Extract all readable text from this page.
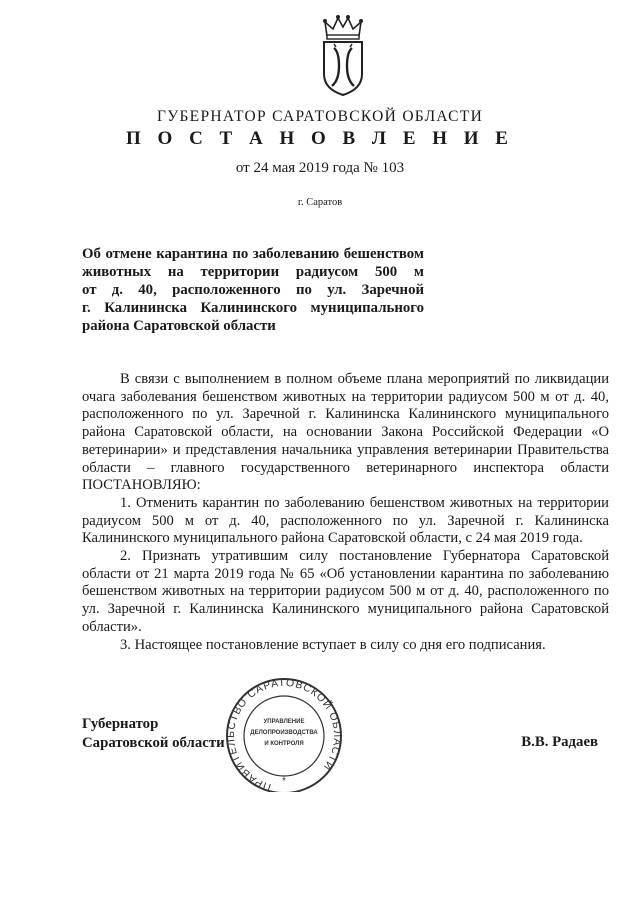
ГУБЕРНАТОР САРАТОВСКОЙ ОБЛАСТИ
П О С Т А Н О В Л Е Н И Е
от 24 мая 2019 года № 103
г. Саратов
Об отмене карантина по заболеванию бешенством
животных на территории радиусом 500 м
от д. 40, расположенного по ул. Заречной
г. Калининска Калининского муниципального
района Саратовской области

В связи с выполнением в полном объеме плана мероприятий по ликвидации очага заболевания бешенством животных на территории радиусом 500 м от д. 40, расположенного по ул. Заречной г. Калининска Калининского муниципального района Саратовской области, на основании Закона Российской Федерации «О ветеринарии» и представления начальника управления ветеринарии Правительства области – главного государственного ветеринарного инспектора области ПОСТАНОВЛЯЮ:

1. Отменить карантин по заболеванию бешенством животных на территории радиусом 500 м от д. 40, расположенного по ул. Заречной г. Калининска Калининского муниципального района Саратовской области, с 24 мая 2019 года.

2. Признать утратившим силу постановление Губернатора Саратовской области от 21 марта 2019 года № 65 «Об установлении карантина по заболеванию бешенством животных на территории радиусом 500 м от д. 40, расположенного по ул. Заречной г. Калининска Калининского муниципального района Саратовской области».

3. Настоящее постановление вступает в силу со дня его подписания.

Губернатор
Саратовской области	В.В. Радаев
ПРАВИТЕЛЬСТВО САРАТОВСКОЙ ОБЛАСТИ
УПРАВЛЕНИЕ
ДЕЛОПРОИЗВОДСТВА
И КОНТРОЛЯ
*
